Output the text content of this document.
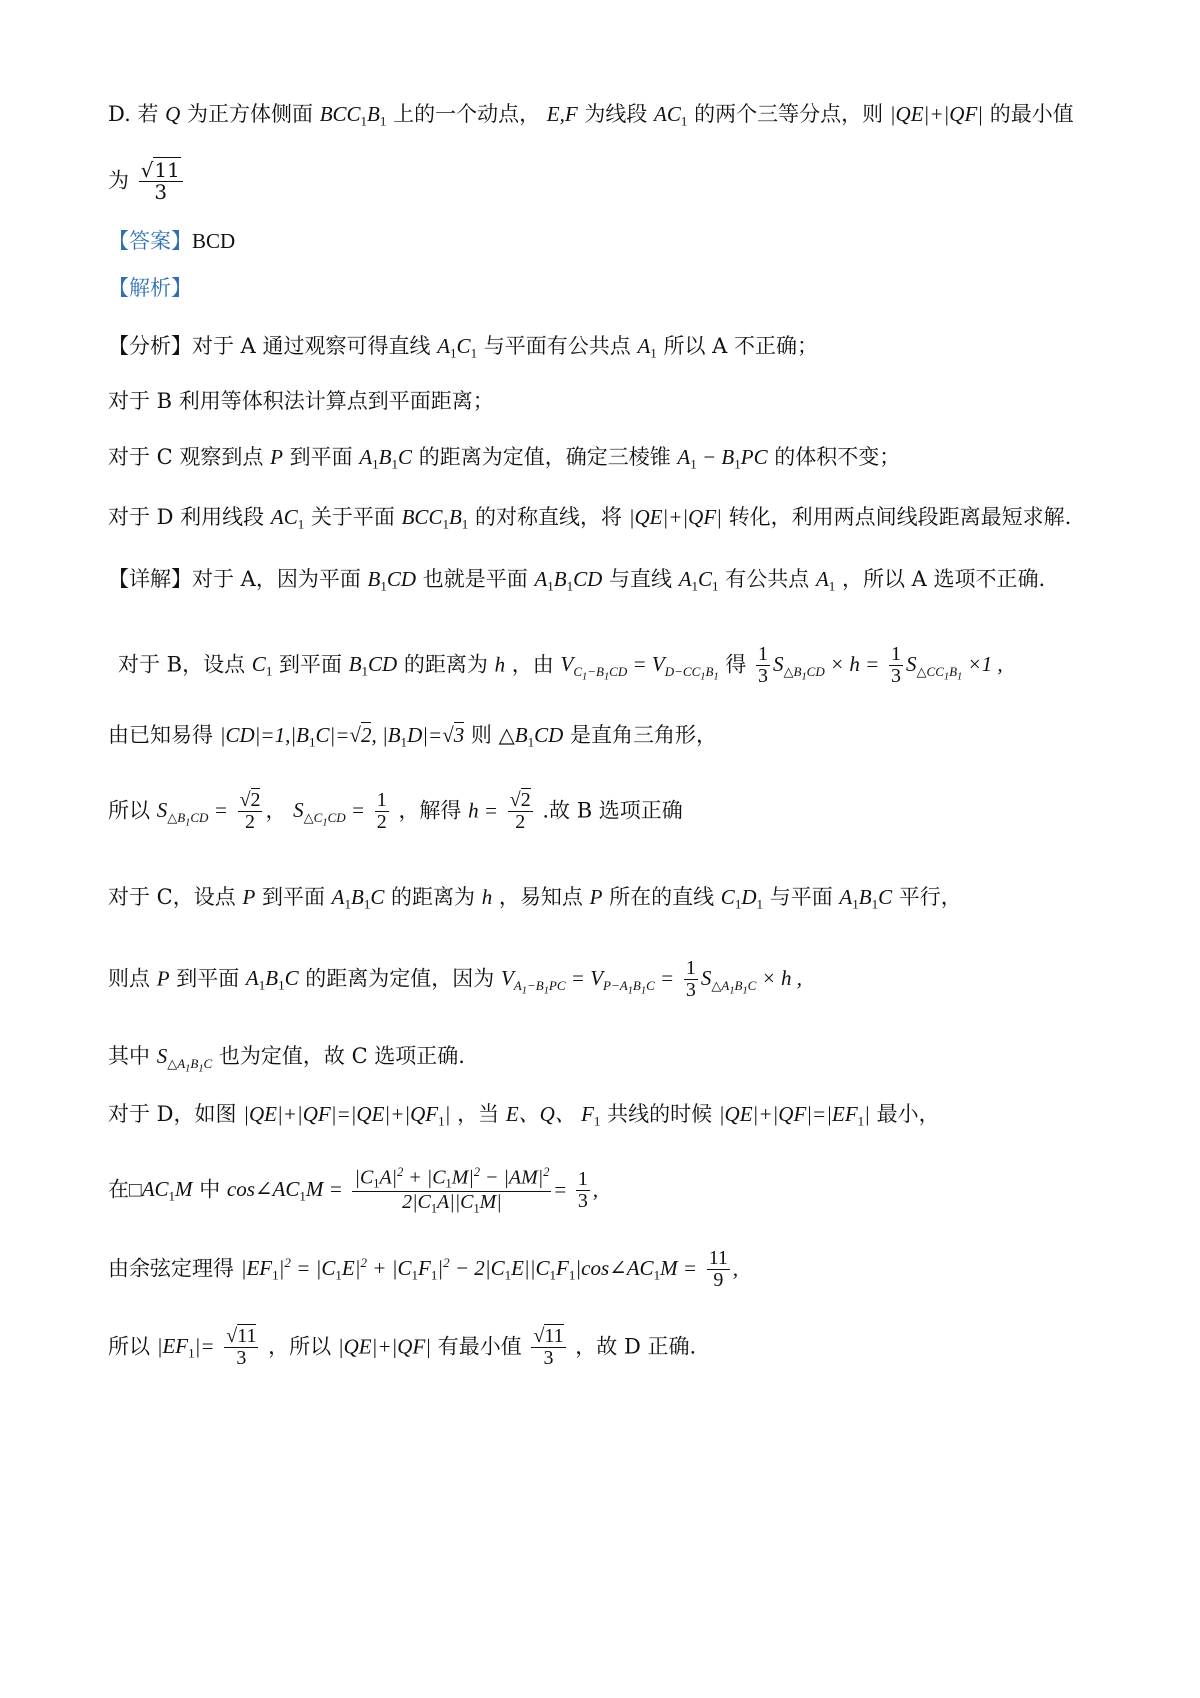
D. 若 Q 为正方体侧面 $BCC_1B_1$ 上的一个动点， E,F 为线段 $AC_1$ 的两个三等分点，则 |QE|+|QF| 的最小值
为 $\frac{√11}{3}$
【答案】BCD
【解析】
【分析】对于 A 通过观察可得直线 $A_1C_1$ 与平面有公共点 $A_1$ 所以 A 不正确；
对于 B 利用等体积法计算点到平面距离；
对于 C 观察到点 P 到平面 $A_1B_1C$ 的距离为定值，确定三棱锥 $A_1 - B_1PC$ 的体积不变；
对于 D 利用线段 $AC_1$ 关于平面 $BCC_1B_1$ 的对称直线，将 |QE|+|QF| 转化，利用两点间线段距离最短求解.
【详解】对于 A，因为平面 $B_1CD$ 也就是平面 $A_1B_1CD$ 与直线 $A_1C_1$ 有公共点 $A_1$ ，所以 A 选项不正确.
对于 B，设点 $C_1$ 到平面 $B_1CD$ 的距离为 h ，由 $V_{C_1-B_1CD} = V_{D-CC_1B_1}$ 得 $\frac{1}{3} S_{\triangle B_1CD} \times h = \frac{1}{3} S_{\triangle CC_1B_1} \times 1$ ,
由已知易得 $|CD|=1,|B_1C|=√2$, $|B_1D|=√3$ 则 $\triangle B_1CD$ 是直角三角形，
所以 $S_{\triangle B_1CD} = \frac{√2}{2}$ ， $S_{\triangle C_1CD} = \frac{1}{2}$ ，解得 $h = \frac{√2}{2}$ .故 B 选项正确
对于 C，设点 P 到平面 $A_1B_1C$ 的距离为 h ，易知点 P 所在的直线 $C_1D_1$ 与平面 $A_1B_1C$ 平行，
则点 P 到平面 $A_1B_1C$ 的距离为定值，因为 $V_{A_1-B_1PC} = V_{P-A_1B_1C} = \frac{1}{3} S_{\triangle A_1B_1C} \times h$ ,
其中 $S_{\triangle A_1B_1C}$ 也为定值，故 C 选项正确.
对于 D，如图 $|QE|+|QF|=|QE|+|QF_1|$ ，当 E、Q、 $F_1$ 共线的时候 $|QE|+|QF|=|EF_1|$ 最小，
在$□AC_1M$ 中 $\cos\angle AC_1M = \frac{|C_1A|^2 + |C_1M|^2 - |AM|^2}{2|C_1A||C_1M|} = \frac{1}{3}$ ,
由余弦定理得 $|EF_1|^2 = |C_1E|^2 + |C_1F_1|^2$ − $2|C_1E||C_1F_1|\cos\angle AC_1M = \frac{11}{9}$ ,
所以 $|EF_1|= \frac{√11}{3}$ ，所以 |QE|+|QF| 有最小值 $\frac{√11}{3}$ ，故 D 正确.
